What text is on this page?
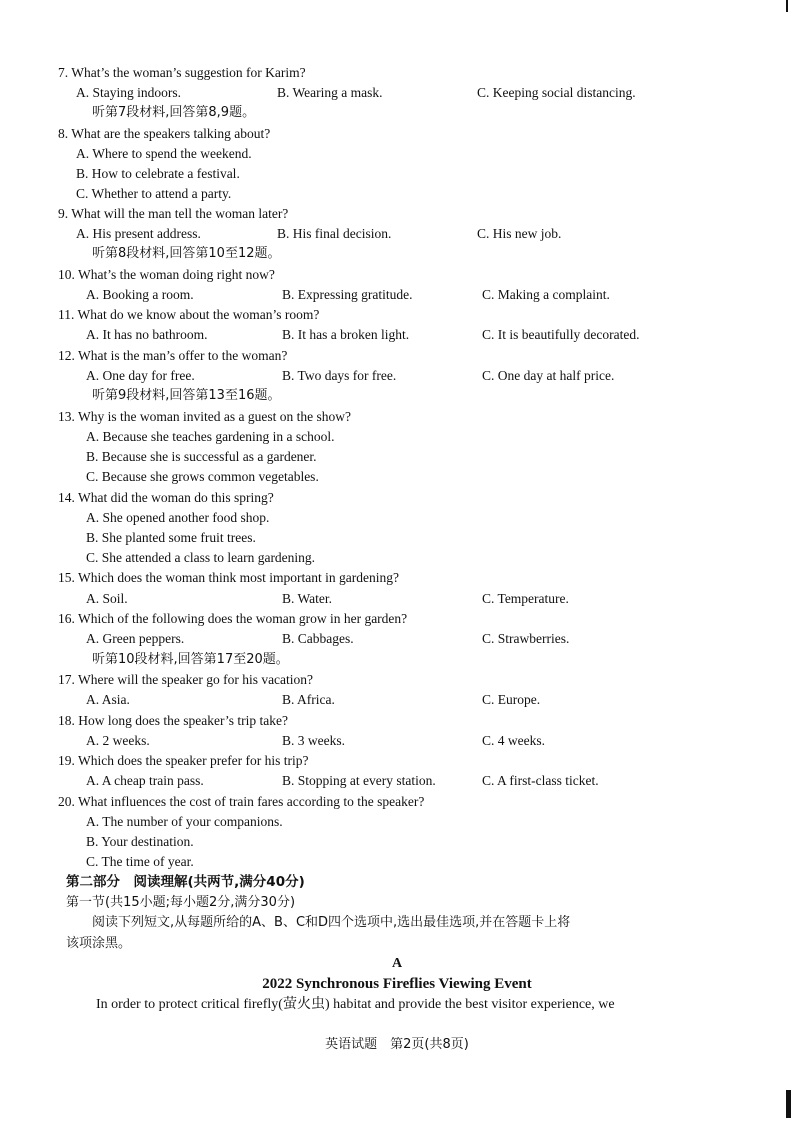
7. What’s the woman’s suggestion for Karim?
A. Staying indoors.	B. Wearing a mask.	C. Keeping social distancing.
听第7段材料,回答第8,9题。
8. What are the speakers talking about?
A. Where to spend the weekend.
B. How to celebrate a festival.
C. Whether to attend a party.
9. What will the man tell the woman later?
A. His present address.	B. His final decision.	C. His new job.
听第8段材料,回答第10至12题。
10. What’s the woman doing right now?
A. Booking a room.	B. Expressing gratitude.	C. Making a complaint.
11. What do we know about the woman’s room?
A. It has no bathroom.	B. It has a broken light.	C. It is beautifully decorated.
12. What is the man’s offer to the woman?
A. One day for free.	B. Two days for free.	C. One day at half price.
听第9段材料,回答第13至16题。
13. Why is the woman invited as a guest on the show?
A. Because she teaches gardening in a school.
B. Because she is successful as a gardener.
C. Because she grows common vegetables.
14. What did the woman do this spring?
A. She opened another food shop.
B. She planted some fruit trees.
C. She attended a class to learn gardening.
15. Which does the woman think most important in gardening?
A. Soil.	B. Water.	C. Temperature.
16. Which of the following does the woman grow in her garden?
A. Green peppers.	B. Cabbages.	C. Strawberries.
听第10段材料,回答第17至20题。
17. Where will the speaker go for his vacation?
A. Asia.	B. Africa.	C. Europe.
18. How long does the speaker’s trip take?
A. 2 weeks.	B. 3 weeks.	C. 4 weeks.
19. Which does the speaker prefer for his trip?
A. A cheap train pass.	B. Stopping at every station.	C. A first-class ticket.
20. What influences the cost of train fares according to the speaker?
A. The number of your companions.
B. Your destination.
C. The time of year.
第二部分　阅读理解(共两节,满分40分)
第一节(共15小题;每小题2分,满分30分)
阅读下列短文,从每题所给的A、B、C和D四个选项中,选出最佳选项,并在答题卡上将
该项涂黑。
A
2022 Synchronous Fireflies Viewing Event
In order to protect critical firefly(萤火虫) habitat and provide the best visitor experience, we
英语试题　第2页(共8页)
